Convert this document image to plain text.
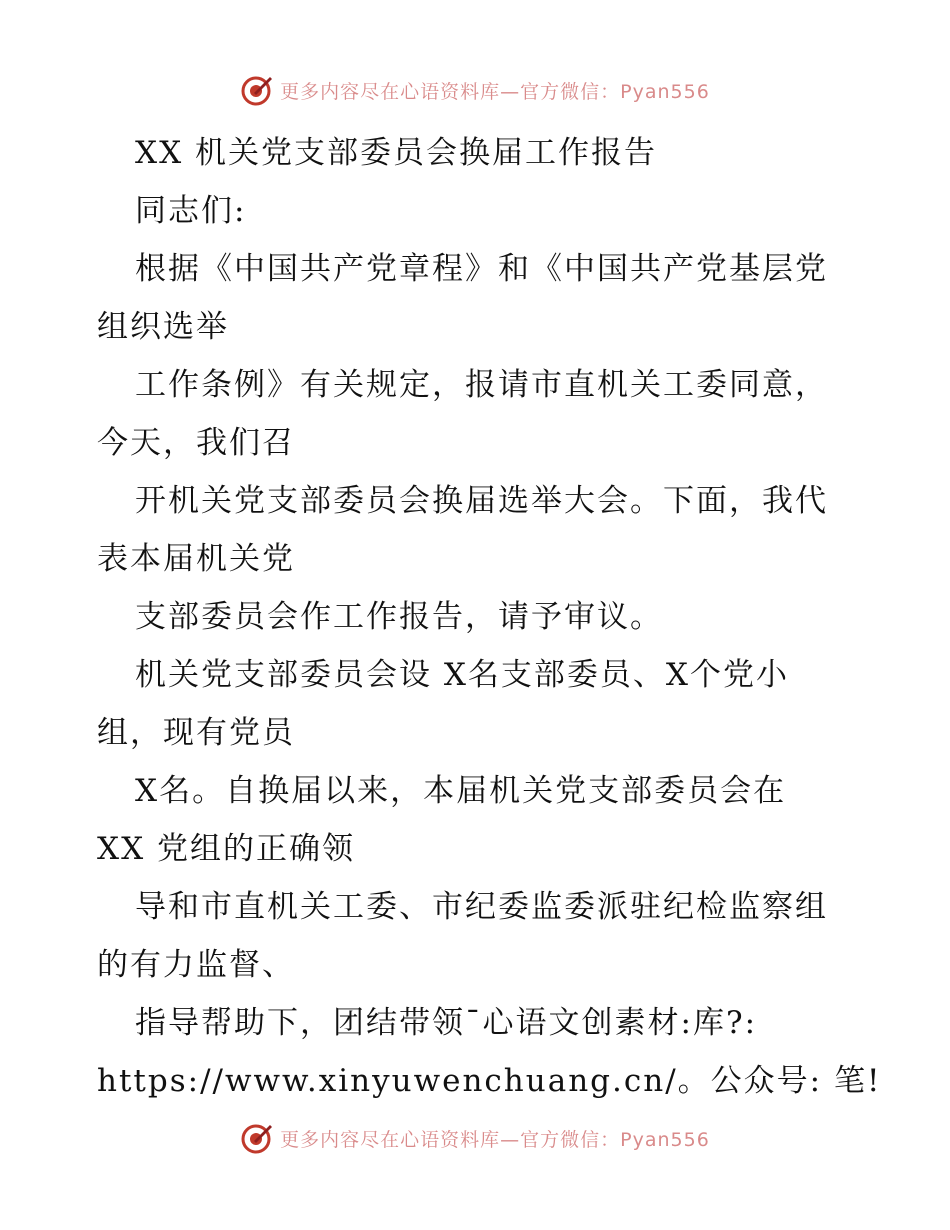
更多内容尽在心语资料库—官方微信：Pyan556
XX 机关党支部委员会换届工作报告
同志们:
根据《中国共产党章程》和《中国共产党基层党
组织选举
工作条例》有关规定，报请市直机关工委同意，
今天，我们召
开机关党支部委员会换届选举大会。下面，我代
表本届机关党
支部委员会作工作报告，请予审议。
机关党支部委员会设 X名支部委员、X个党小
组，现有党员
X名。自换届以来，本届机关党支部委员会在
XX 党组的正确领
导和市直机关工委、市纪委监委派驻纪检监察组
的有力监督、
指导帮助下，团结带领¯心语文创素材:库?:
https://www.xinyuwenchuang.cn/。公众号: 笔!
更多内容尽在心语资料库—官方微信：Pyan556
